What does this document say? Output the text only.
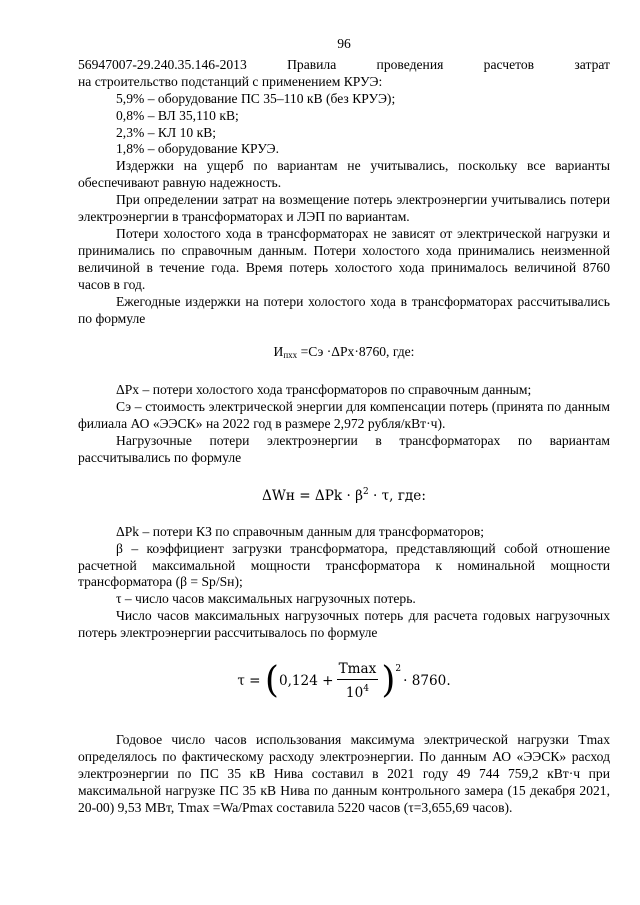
96

56947007-29.240.35.146-2013 Правила проведения расчетов затрат

на строительство подстанций с применением КРУЭ:

5,9% – оборудование ПС 35–110 кВ (без КРУЭ);

0,8% – ВЛ 35,110 кВ;

2,3% – КЛ 10 кВ;

1,8% – оборудование КРУЭ.

Издержки на ущерб по вариантам не учитывались, поскольку все варианты обеспечивают равную надежность.

При определении затрат на возмещение потерь электроэнергии учитывались потери электроэнергии в трансформаторах и ЛЭП по вариантам.

Потери холостого хода в трансформаторах не зависят от электрической нагрузки и принимались по справочным данным. Потери холостого хода принимались неизменной величиной в течение года. Время потерь холостого хода принималось величиной 8760 часов в год.

Ежегодные издержки на потери холостого хода в трансформаторах рассчитывались по формуле

$И_{пхх} =Сэ \cdot\Delta Рх\cdot 8760$, где:

ΔРх – потери холостого хода трансформаторов по справочным данным;

Сэ – стоимость электрической энергии для компенсации потерь (принята по данным филиала АО «ЭЭСК» на 2022 год в размере 2,972 рубля/кВт·ч).

Нагрузочные потери электроэнергии в трансформаторах по вариантам рассчитывались по формуле

$\Delta Wн = \Delta Pk \cdot \beta^2 \cdot \tau$, где:

ΔРk – потери КЗ по справочным данным для трансформаторов;

β – коэффициент загрузки трансформатора, представляющий собой отношение расчетной максимальной мощности трансформатора к номинальной мощности трансформатора (β = Sр/Sн);

τ – число часов максимальных нагрузочных потерь.

Число часов максимальных нагрузочных потерь для расчета годовых нагрузочных потерь электроэнергии рассчитывалось по формуле

τ =
( $0,124 + \frac{Tmax}{10^4}$ ) 2
· 8760.

Годовое число часов использования максимума электрической нагрузки Tmax определялось по фактическому расходу электроэнергии. По данным АО «ЭЭСК» расход электроэнергии по ПС 35 кВ Нива составил в 2021 году 49 744 759,2 кВт·ч при максимальной нагрузке ПС 35 кВ Нива по данным контрольного замера (15 декабря 2021, 20-00) 9,53 МВт, Tmax =Wa/Pmax составила 5220 часов (τ=3,655,69 часов).
